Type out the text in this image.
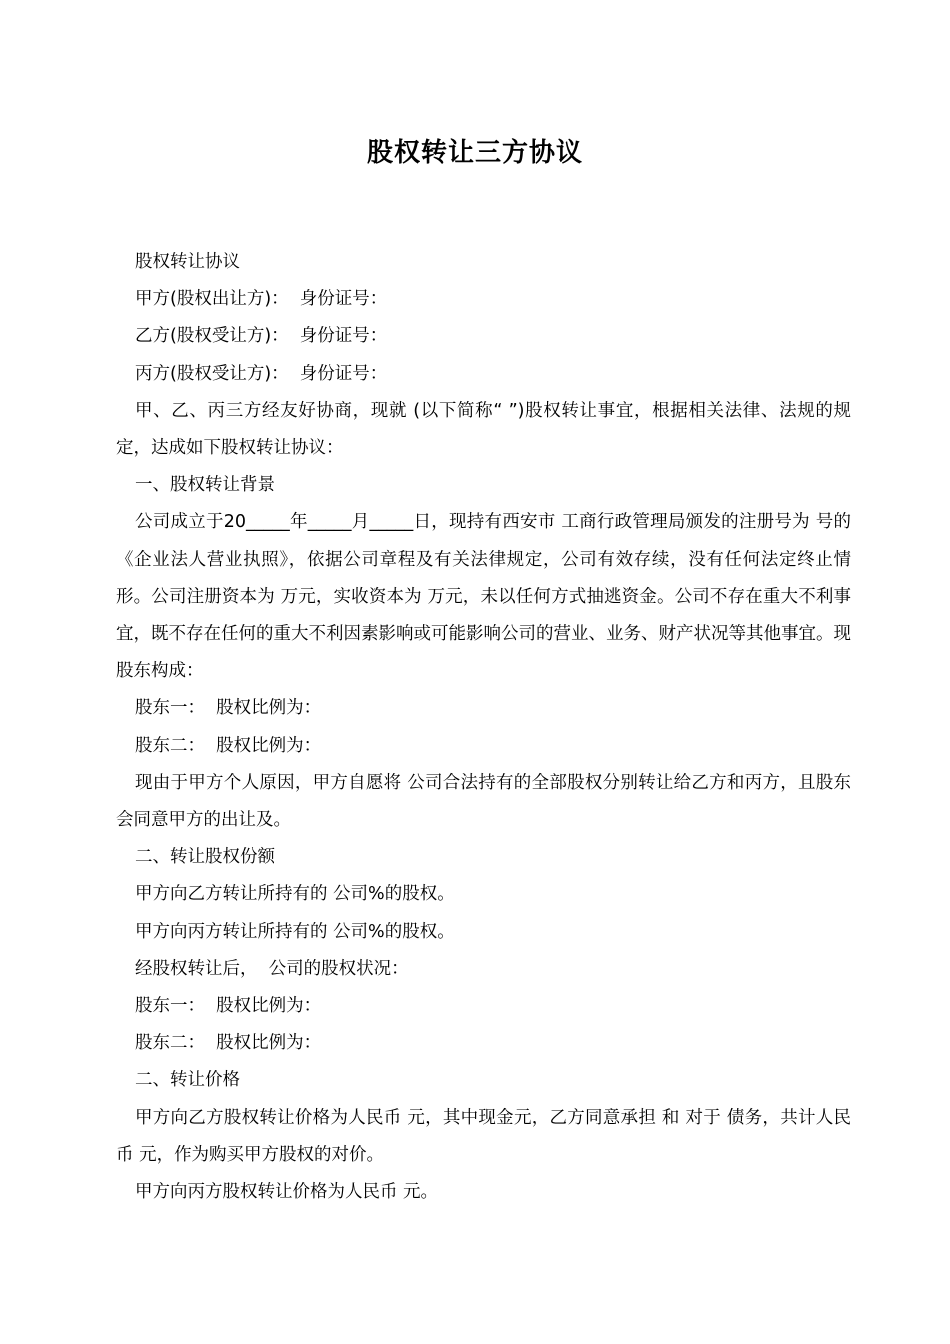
股权转让三方协议

股权转让协议

甲方(股权出让方)：  身份证号：

乙方(股权受让方)：  身份证号：

丙方(股权受让方)：  身份证号：

甲、乙、丙三方经友好协商，现就 (以下简称“ ”)股权转让事宜，根据相关法律、法规的规定，达成如下股权转让协议：

一、股权转让背景

公司成立于20_____年_____月_____日，现持有西安市 工商行政管理局颁发的注册号为 号的《企业法人营业执照》，依据公司章程及有关法律规定，公司有效存续，没有任何法定终止情形。公司注册资本为 万元，实收资本为 万元，未以任何方式抽逃资金。公司不存在重大不利事宜，既不存在任何的重大不利因素影响或可能影响公司的营业、业务、财产状况等其他事宜。现股东构成：

股东一：  股权比例为：

股东二：  股权比例为：

现由于甲方个人原因，甲方自愿将 公司合法持有的全部股权分别转让给乙方和丙方，且股东会同意甲方的出让及。

二、转让股权份额

甲方向乙方转让所持有的 公司%的股权。

甲方向丙方转让所持有的 公司%的股权。

经股权转让后，  公司的股权状况：

股东一：  股权比例为：

股东二：  股权比例为：

二、转让价格

甲方向乙方股权转让价格为人民币 元，其中现金元，乙方同意承担 和 对于 债务，共计人民币 元，作为购买甲方股权的对价。

甲方向丙方股权转让价格为人民币 元。
